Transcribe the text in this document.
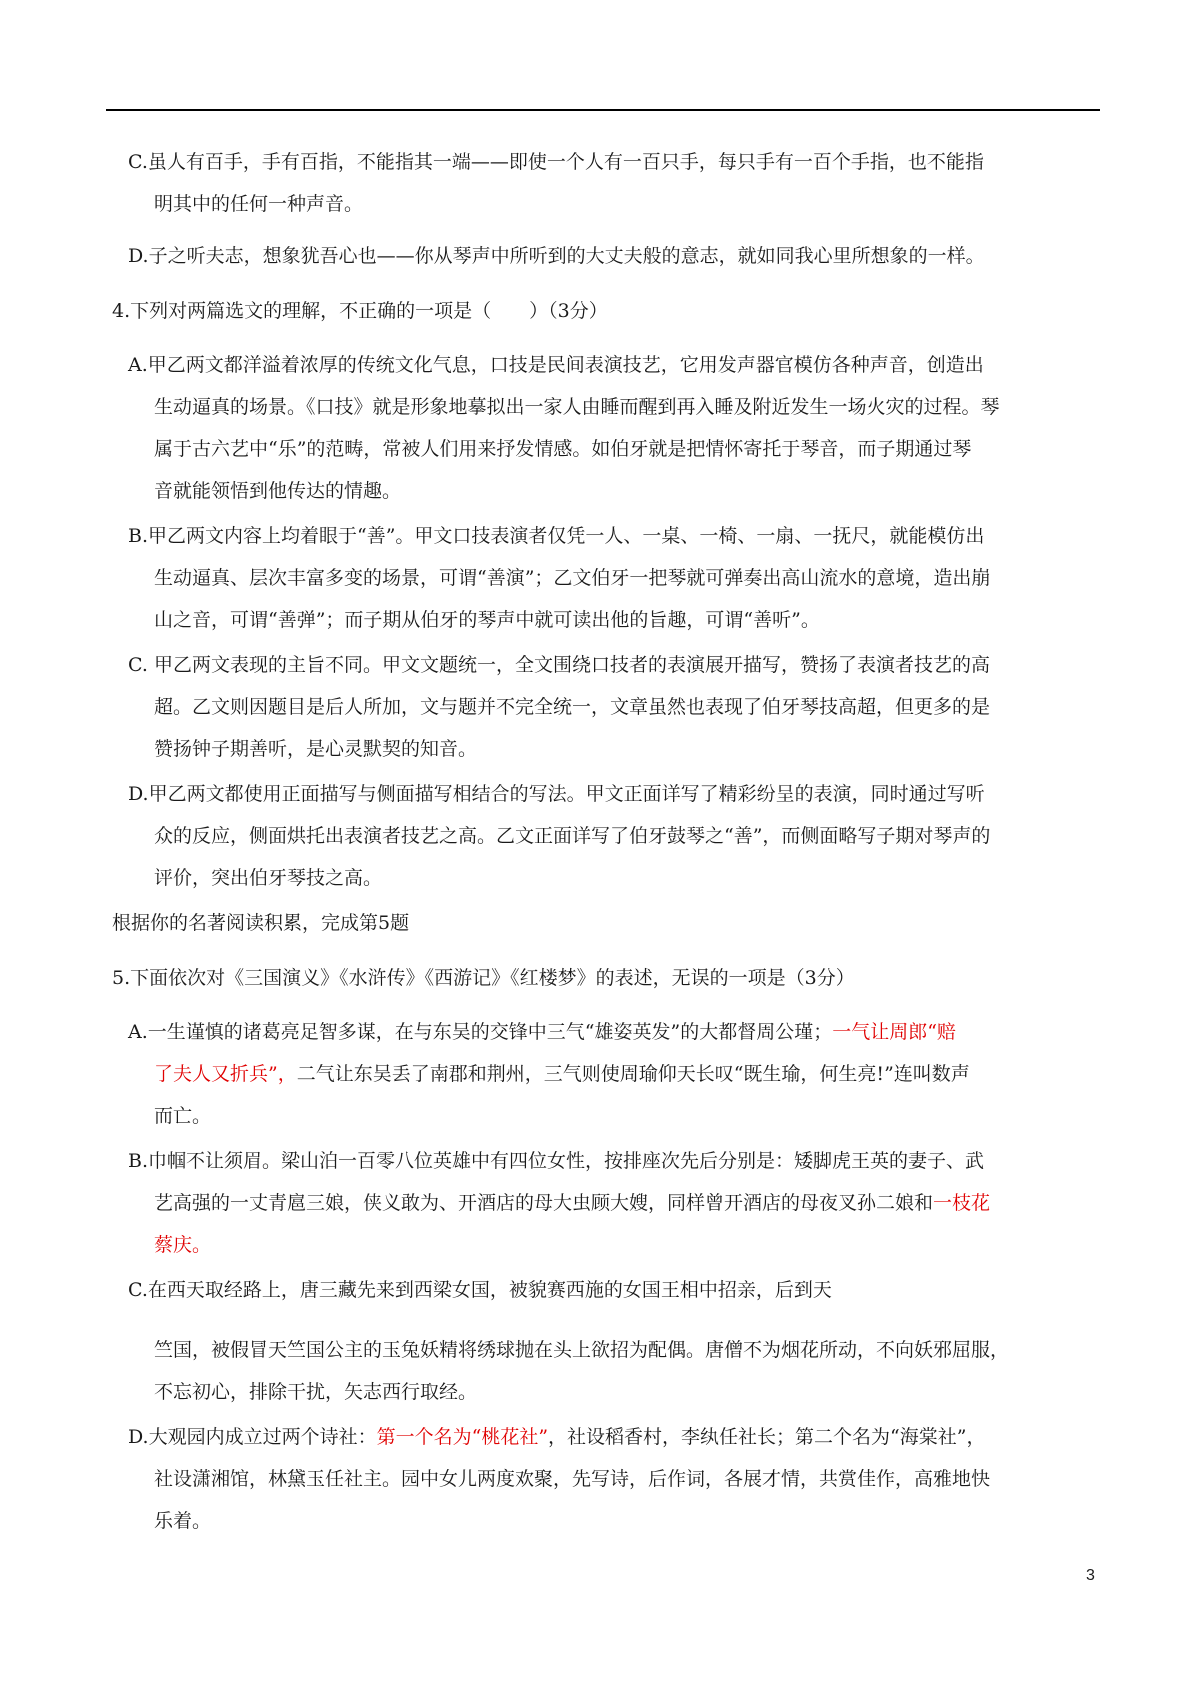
C.虽人有百手，手有百指，不能指其一端——即使一个人有一百只手，每只手有一百个手指，也不能指
明其中的任何一种声音。
D.子之听夫志，想象犹吾心也——你从琴声中所听到的大丈夫般的意志，就如同我心里所想象的一样。
4.下列对两篇选文的理解，不正确的一项是（　　）（3分）
A.甲乙两文都洋溢着浓厚的传统文化气息，口技是民间表演技艺，它用发声器官模仿各种声音，创造出
生动逼真的场景。《口技》就是形象地摹拟出一家人由睡而醒到再入睡及附近发生一场火灾的过程。琴
属于古六艺中“乐”的范畴，常被人们用来抒发情感。如伯牙就是把情怀寄托于琴音，而子期通过琴
音就能领悟到他传达的情趣。
B.甲乙两文内容上均着眼于“善”。甲文口技表演者仅凭一人、一桌、一椅、一扇、一抚尺，就能模仿出
生动逼真、层次丰富多变的场景，可谓“善演”；乙文伯牙一把琴就可弹奏出高山流水的意境，造出崩
山之音，可谓“善弹”；而子期从伯牙的琴声中就可读出他的旨趣，可谓“善听”。
C. 甲乙两文表现的主旨不同。甲文文题统一，全文围绕口技者的表演展开描写，赞扬了表演者技艺的高
超。乙文则因题目是后人所加，文与题并不完全统一，文章虽然也表现了伯牙琴技高超，但更多的是
赞扬钟子期善听，是心灵默契的知音。
D.甲乙两文都使用正面描写与侧面描写相结合的写法。甲文正面详写了精彩纷呈的表演，同时通过写听
众的反应，侧面烘托出表演者技艺之高。乙文正面详写了伯牙鼓琴之“善”，而侧面略写子期对琴声的
评价，突出伯牙琴技之高。
根据你的名著阅读积累，完成第5题
5.下面依次对《三国演义》《水浒传》《西游记》《红楼梦》的表述，无误的一项是（3分）
A.一生谨慎的诸葛亮足智多谋，在与东吴的交锋中三气“雄姿英发”的大都督周公瑾；一气让周郎“赔
了夫人又折兵”，二气让东吴丢了南郡和荆州，三气则使周瑜仰天长叹“既生瑜，何生亮!”连叫数声
而亡。
B.巾帼不让须眉。梁山泊一百零八位英雄中有四位女性，按排座次先后分别是：矮脚虎王英的妻子、武
艺高强的一丈青扈三娘，侠义敢为、开酒店的母大虫顾大嫂，同样曾开酒店的母夜叉孙二娘和一枝花
蔡庆。
C.在西天取经路上，唐三藏先来到西梁女国，被貌赛西施的女国王相中招亲，后到天
竺国，被假冒天竺国公主的玉兔妖精将绣球抛在头上欲招为配偶。唐僧不为烟花所动，不向妖邪屈服，
不忘初心，排除干扰，矢志西行取经。
D.大观园内成立过两个诗社：第一个名为“桃花社”，社设稻香村，李纨任社长；第二个名为“海棠社”，
社设潇湘馆，林黛玉任社主。园中女儿两度欢聚，先写诗，后作词，各展才情，共赏佳作，高雅地快
乐着。
3
